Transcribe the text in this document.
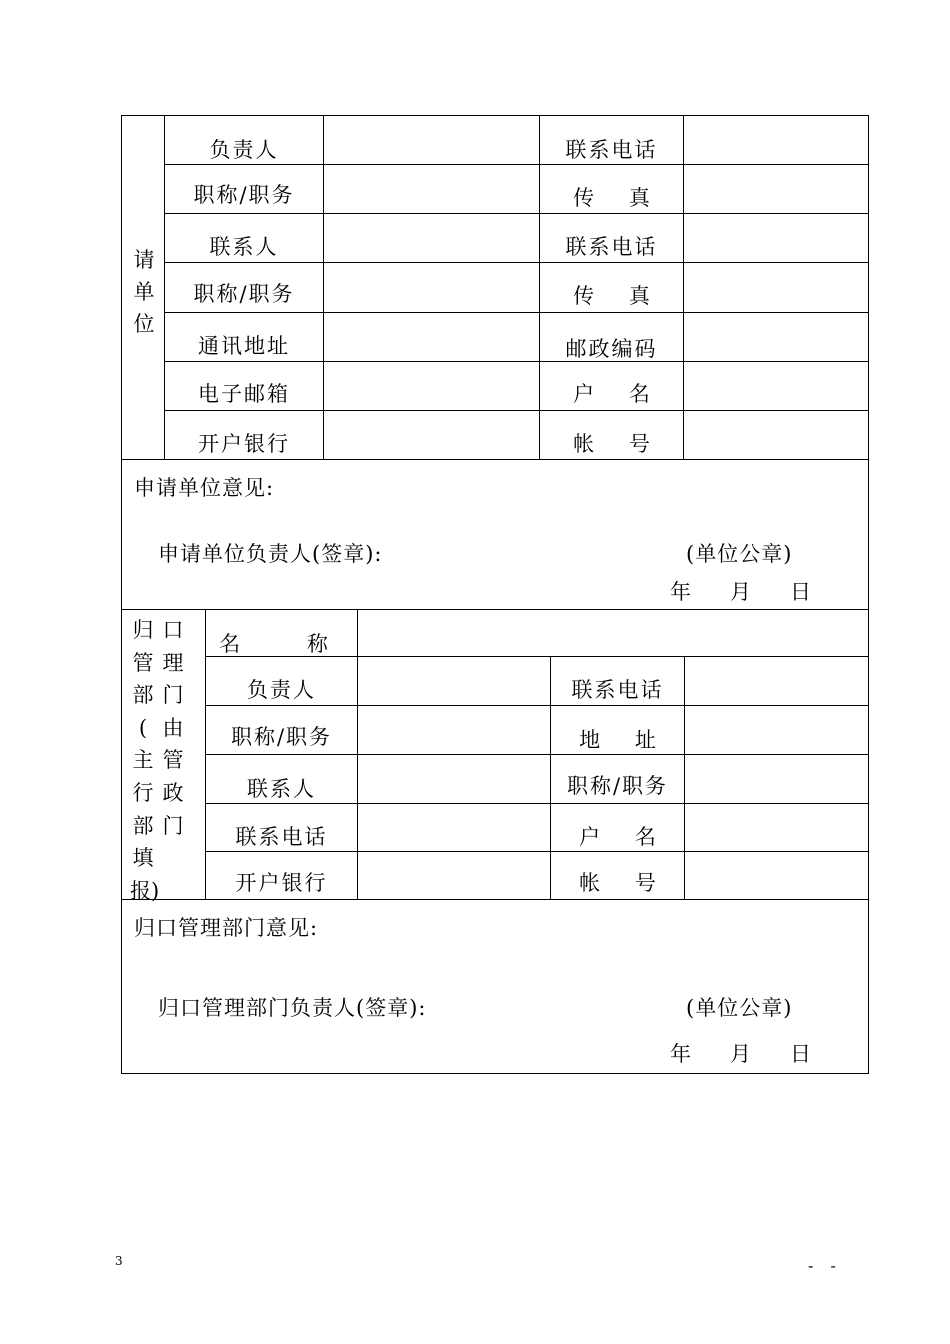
请
单
位
负责人	联系电话
职称/职务	传 真
联系人	联系电话
职称/职务	传 真
通讯地址	邮政编码
电子邮箱	户 名
开户银行	帐 号
申请单位意见:
申请单位负责人(签章):	(单位公章)
年 月 日
归 口
管 理
部 门
( 由
主 管
行 政
部 门
填
报)
名 称
负责人	联系电话
职称/职务	地 址
联系人	职称/职务
联系电话	户 名
开户银行	帐 号
归口管理部门意见:
归口管理部门负责人(签章):	(单位公章)
年 月 日
3	- -
